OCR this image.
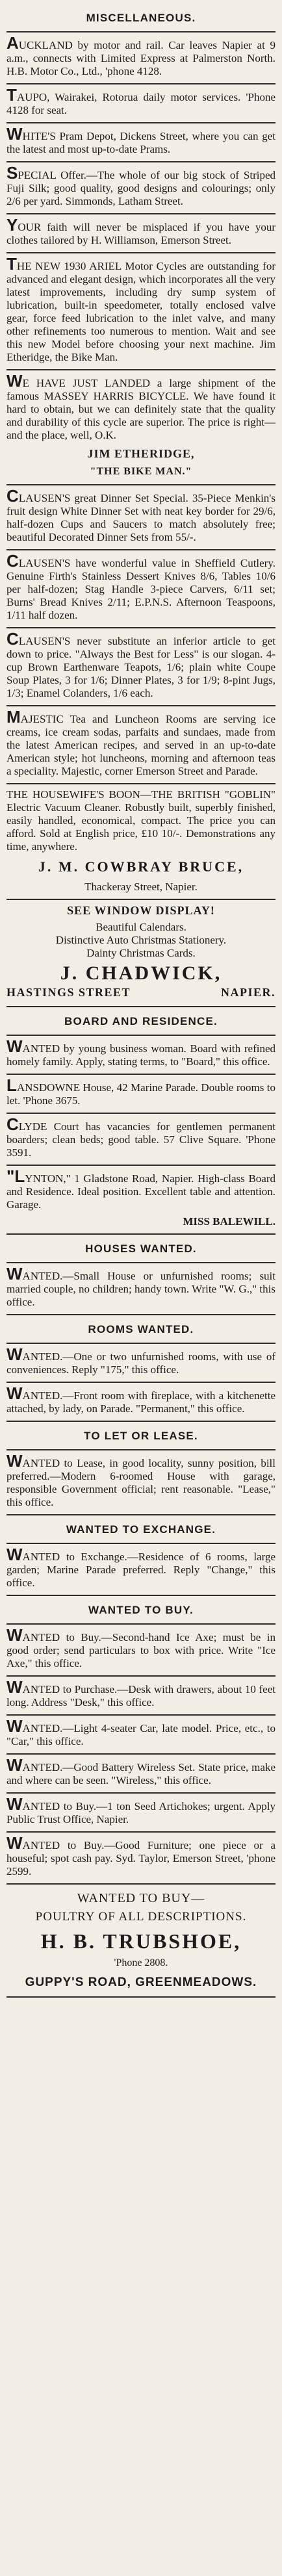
MISCELLANEOUS.

AUCKLAND by motor and rail. Car leaves Napier at 9 a.m., connects with Limited Express at Palmerston North. H.B. Motor Co., Ltd., 'phone 4128.

TAUPO, Wairakei, Rotorua daily motor services. 'Phone 4128 for seat.

WHITE'S Pram Depot, Dickens Street, where you can get the latest and most up-to-date Prams.

SPECIAL Offer.—The whole of our big stock of Striped Fuji Silk; good quality, good designs and colourings; only 2/6 per yard. Simmonds, Latham Street.

YOUR faith will never be misplaced if you have your clothes tailored by H. Williamson, Emerson Street.

THE NEW 1930 ARIEL Motor Cycles are outstanding for advanced and elegant design, which incorporates all the very latest improvements, including dry sump system of lubrication, built-in speedometer, totally enclosed valve gear, force feed lubrication to the inlet valve, and many other refinements too numerous to mention. Wait and see this new Model before choosing your next machine. Jim Etheridge, the Bike Man.

WE HAVE JUST LANDED a large shipment of the famous MASSEY HARRIS BICYCLE. We have found it hard to obtain, but we can definitely state that the quality and durability of this cycle are superior. The price is right—and the place, well, O.K.

JIM ETHERIDGE,

"THE BIKE MAN."

CLAUSEN'S great Dinner Set Special. 35-Piece Menkin's fruit design White Dinner Set with neat key border for 29/6, half-dozen Cups and Saucers to match absolutely free; beautiful Decorated Dinner Sets from 55/-.

CLAUSEN'S have wonderful value in Sheffield Cutlery. Genuine Firth's Stainless Dessert Knives 8/6, Tables 10/6 per half-dozen; Stag Handle 3-piece Carvers, 6/11 set; Burns' Bread Knives 2/11; E.P.N.S. Afternoon Teaspoons, 1/11 half dozen.

CLAUSEN'S never substitute an inferior article to get down to price. "Always the Best for Less" is our slogan. 4-cup Brown Earthenware Teapots, 1/6; plain white Coupe Soup Plates, 3 for 1/6; Dinner Plates, 3 for 1/9; 8-pint Jugs, 1/3; Enamel Colanders, 1/6 each.

MAJESTIC Tea and Luncheon Rooms are serving ice creams, ice cream sodas, parfaits and sundaes, made from the latest American recipes, and served in an up-to-date American style; hot luncheons, morning and afternoon teas a speciality. Majestic, corner Emerson Street and Parade.

THE HOUSEWIFE'S BOON—THE BRITISH "GOBLIN" Electric Vacuum Cleaner. Robustly built, superbly finished, easily handled, economical, compact. The price you can afford. Sold at English price, £10 10/-. Demonstrations any time, anywhere.

J. M. COWBRAY BRUCE,

Thackeray Street, Napier.

SEE WINDOW DISPLAY!

Beautiful Calendars.

Distinctive Auto Christmas Stationery.

Dainty Christmas Cards.

J. CHADWICK,
HASTINGS STREET	NAPIER.
BOARD AND RESIDENCE.

WANTED by young business woman. Board with refined homely family. Apply, stating terms, to "Board," this office.

LANSDOWNE House, 42 Marine Parade. Double rooms to let. 'Phone 3675.

CLYDE Court has vacancies for gentlemen permanent boarders; clean beds; good table. 57 Clive Square. 'Phone 3591.

"LYNTON," 1 Gladstone Road, Napier. High-class Board and Residence. Ideal position. Excellent table and attention. Garage.

MISS BALEWILL.

HOUSES WANTED.

WANTED.—Small House or unfurnished rooms; suit married couple, no children; handy town. Write "W. G.," this office.

ROOMS WANTED.

WANTED.—One or two unfurnished rooms, with use of conveniences. Reply "175," this office.

WANTED.—Front room with fireplace, with a kitchenette attached, by lady, on Parade. "Permanent," this office.

TO LET OR LEASE.

WANTED to Lease, in good locality, sunny position, bill preferred.—Modern 6-roomed House with garage, responsible Government official; rent reasonable. "Lease," this office.

WANTED TO EXCHANGE.

WANTED to Exchange.—Residence of 6 rooms, large garden; Marine Parade preferred. Reply "Change," this office.

WANTED TO BUY.

WANTED to Buy.—Second-hand Ice Axe; must be in good order; send particulars to box with price. Write "Ice Axe," this office.

WANTED to Purchase.—Desk with drawers, about 10 feet long. Address "Desk," this office.

WANTED.—Light 4-seater Car, late model. Price, etc., to "Car," this office.

WANTED.—Good Battery Wireless Set. State price, make and where can be seen. "Wireless," this office.

WANTED to Buy.—1 ton Seed Artichokes; urgent. Apply Public Trust Office, Napier.

WANTED to Buy.—Good Furniture; one piece or a houseful; spot cash pay. Syd. Taylor, Emerson Street, 'phone 2599.

WANTED TO BUY—
POULTRY OF ALL DESCRIPTIONS.
H. B. TRUBSHOE,
'Phone 2808.
GUPPY'S ROAD, GREENMEADOWS.
